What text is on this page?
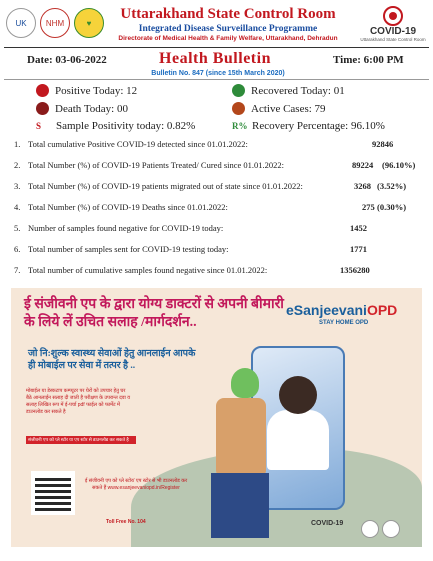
UK	NHM	♥
Uttarakhand State Control Room
Integrated Disease Surveillance Programme
Directorate of Medical Health & Family Welfare, Uttarakhand, Dehradun
COVID-19
Uttarakhand State Control Room
Date: 03-06-2022	Health Bulletin	Time: 6:00 PM
Bulletin No. 847 (since 15th March 2020)
Positive Today: 12	Recovered Today: 01
Death Today: 00	Active Cases: 79
S	Sample Positivity today: 0.82%	R% Recovery Percentage: 96.10%
1. Total cumulative Positive COVID-19 detected since 01.01.2022:	92846
2. Total Number (%) of COVID-19 Patients Treated/ Cured since 01.01.2022:	89224 (96.10%)
3. Total Number (%) of COVID-19 patients migrated out of state since 01.01.2022:	3268 (3.52%)
4. Total Number (%) of COVID-19 Deaths since 01.01.2022:	275 (0.30%)
5. Number of samples found negative for COVID-19 today:	1452
6. Total number of samples sent for COVID-19 testing today:	1771
7. Total number of cumulative samples found negative since 01.01.2022:	1356280
ई संजीवनी एप के द्वारा योग्य डाक्टरों से अपनी बीमारी के लिये लें उचित सलाह /मार्गदर्शन..
जो नि:शुल्क स्वास्थ्य सेवाओं हेतु आनलाईन आपके ही मोबाईल पर सेवा में तत्पर है ..
मोबाईल या डेस्कटाप कम्प्यूटर पर घेरों को उपचार हेतु घर बैठे आनलाईन सलाह दी जाती है परीक्षण के उपरान्त दवा व सलाह लिखित रूप में ई-पर्चा pdf फाईल को फार्मेट में डाउनलोड कर सकते है
संजीवनी एप को प्ले स्टोर या एप स्टोर से डाउनलोड कर सकते है
ई संजीवनी एप को प्ले स्टोर/ एप स्टोर से भी डाउनलोड कर सकते हैं www.esanjeevaniopd.in/Register
Toll Free No. 104
eSanjeevaniOPD
STAY HOME OPD
COVID-19
